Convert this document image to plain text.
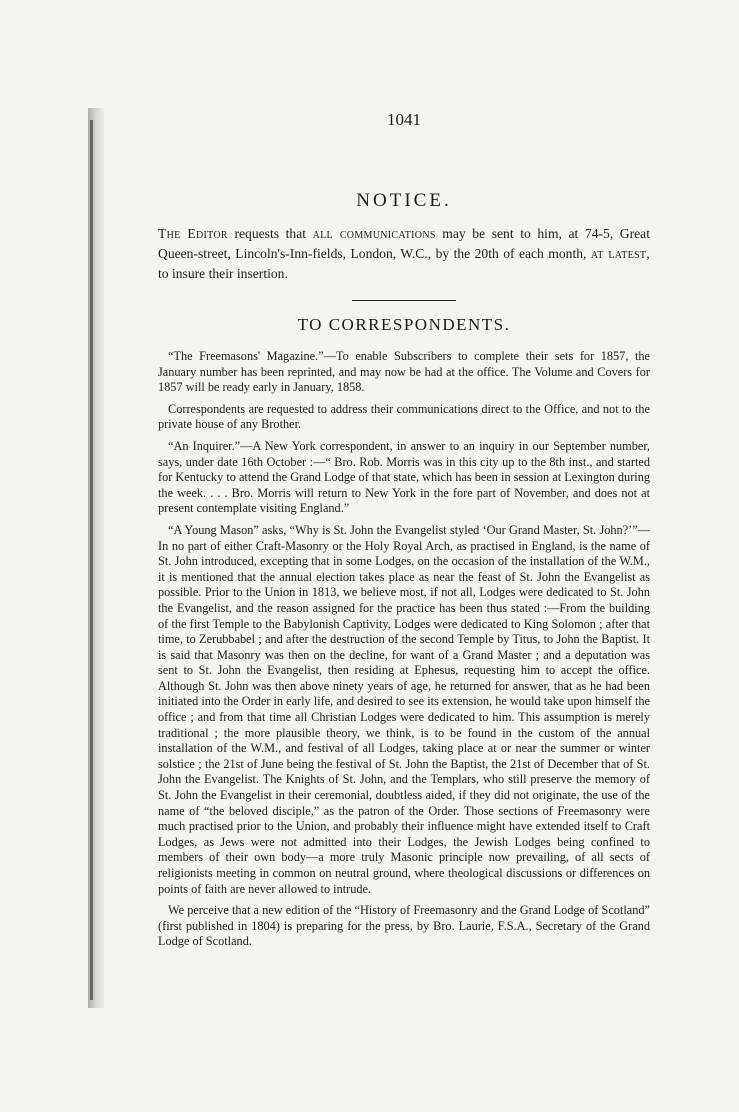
1041
NOTICE.

The Editor requests that all communications may be sent to him, at 74-5, Great Queen-street, Lincoln's-Inn-fields, London, W.C., by the 20th of each month, at latest, to insure their insertion.

TO CORRESPONDENTS.

“The Freemasons' Magazine.”—To enable Subscribers to complete their sets for 1857, the January number has been reprinted, and may now be had at the office. The Volume and Covers for 1857 will be ready early in January, 1858.

Correspondents are requested to address their communications direct to the Office, and not to the private house of any Brother.

“An Inquirer.”—A New York correspondent, in answer to an inquiry in our September number, says, under date 16th October :—“ Bro. Rob. Morris was in this city up to the 8th inst., and started for Kentucky to attend the Grand Lodge of that state, which has been in session at Lexington during the week. . . . Bro. Morris will return to New York in the fore part of November, and does not at present contemplate visiting England.”

“A Young Mason” asks, “Why is St. John the Evangelist styled ‘Our Grand Master, St. John?’”—In no part of either Craft-Masonry or the Holy Royal Arch, as practised in England, is the name of St. John introduced, excepting that in some Lodges, on the occasion of the installation of the W.M., it is mentioned that the annual election takes place as near the feast of St. John the Evangelist as possible. Prior to the Union in 1813, we believe most, if not all, Lodges were dedicated to St. John the Evangelist, and the reason assigned for the practice has been thus stated :—From the building of the first Temple to the Babylonish Captivity, Lodges were dedicated to King Solomon ; after that time, to Zerubbabel ; and after the destruction of the second Temple by Titus, to John the Baptist. It is said that Masonry was then on the decline, for want of a Grand Master ; and a deputation was sent to St. John the Evangelist, then residing at Ephesus, requesting him to accept the office. Although St. John was then above ninety years of age, he returned for answer, that as he had been initiated into the Order in early life, and desired to see its extension, he would take upon himself the office ; and from that time all Christian Lodges were dedicated to him. This assumption is merely traditional ; the more plausible theory, we think, is to be found in the custom of the annual installation of the W.M., and festival of all Lodges, taking place at or near the summer or winter solstice ; the 21st of June being the festival of St. John the Baptist, the 21st of December that of St. John the Evangelist. The Knights of St. John, and the Templars, who still preserve the memory of St. John the Evangelist in their ceremonial, doubtless aided, if they did not originate, the use of the name of “the beloved disciple,” as the patron of the Order. Those sections of Freemasonry were much practised prior to the Union, and probably their influence might have extended itself to Craft Lodges, as Jews were not admitted into their Lodges, the Jewish Lodges being confined to members of their own body—a more truly Masonic principle now prevailing, of all sects of religionists meeting in common on neutral ground, where theological discussions or differences on points of faith are never allowed to intrude.

We perceive that a new edition of the “History of Freemasonry and the Grand Lodge of Scotland” (first published in 1804) is preparing for the press, by Bro. Laurie, F.S.A., Secretary of the Grand Lodge of Scotland.
